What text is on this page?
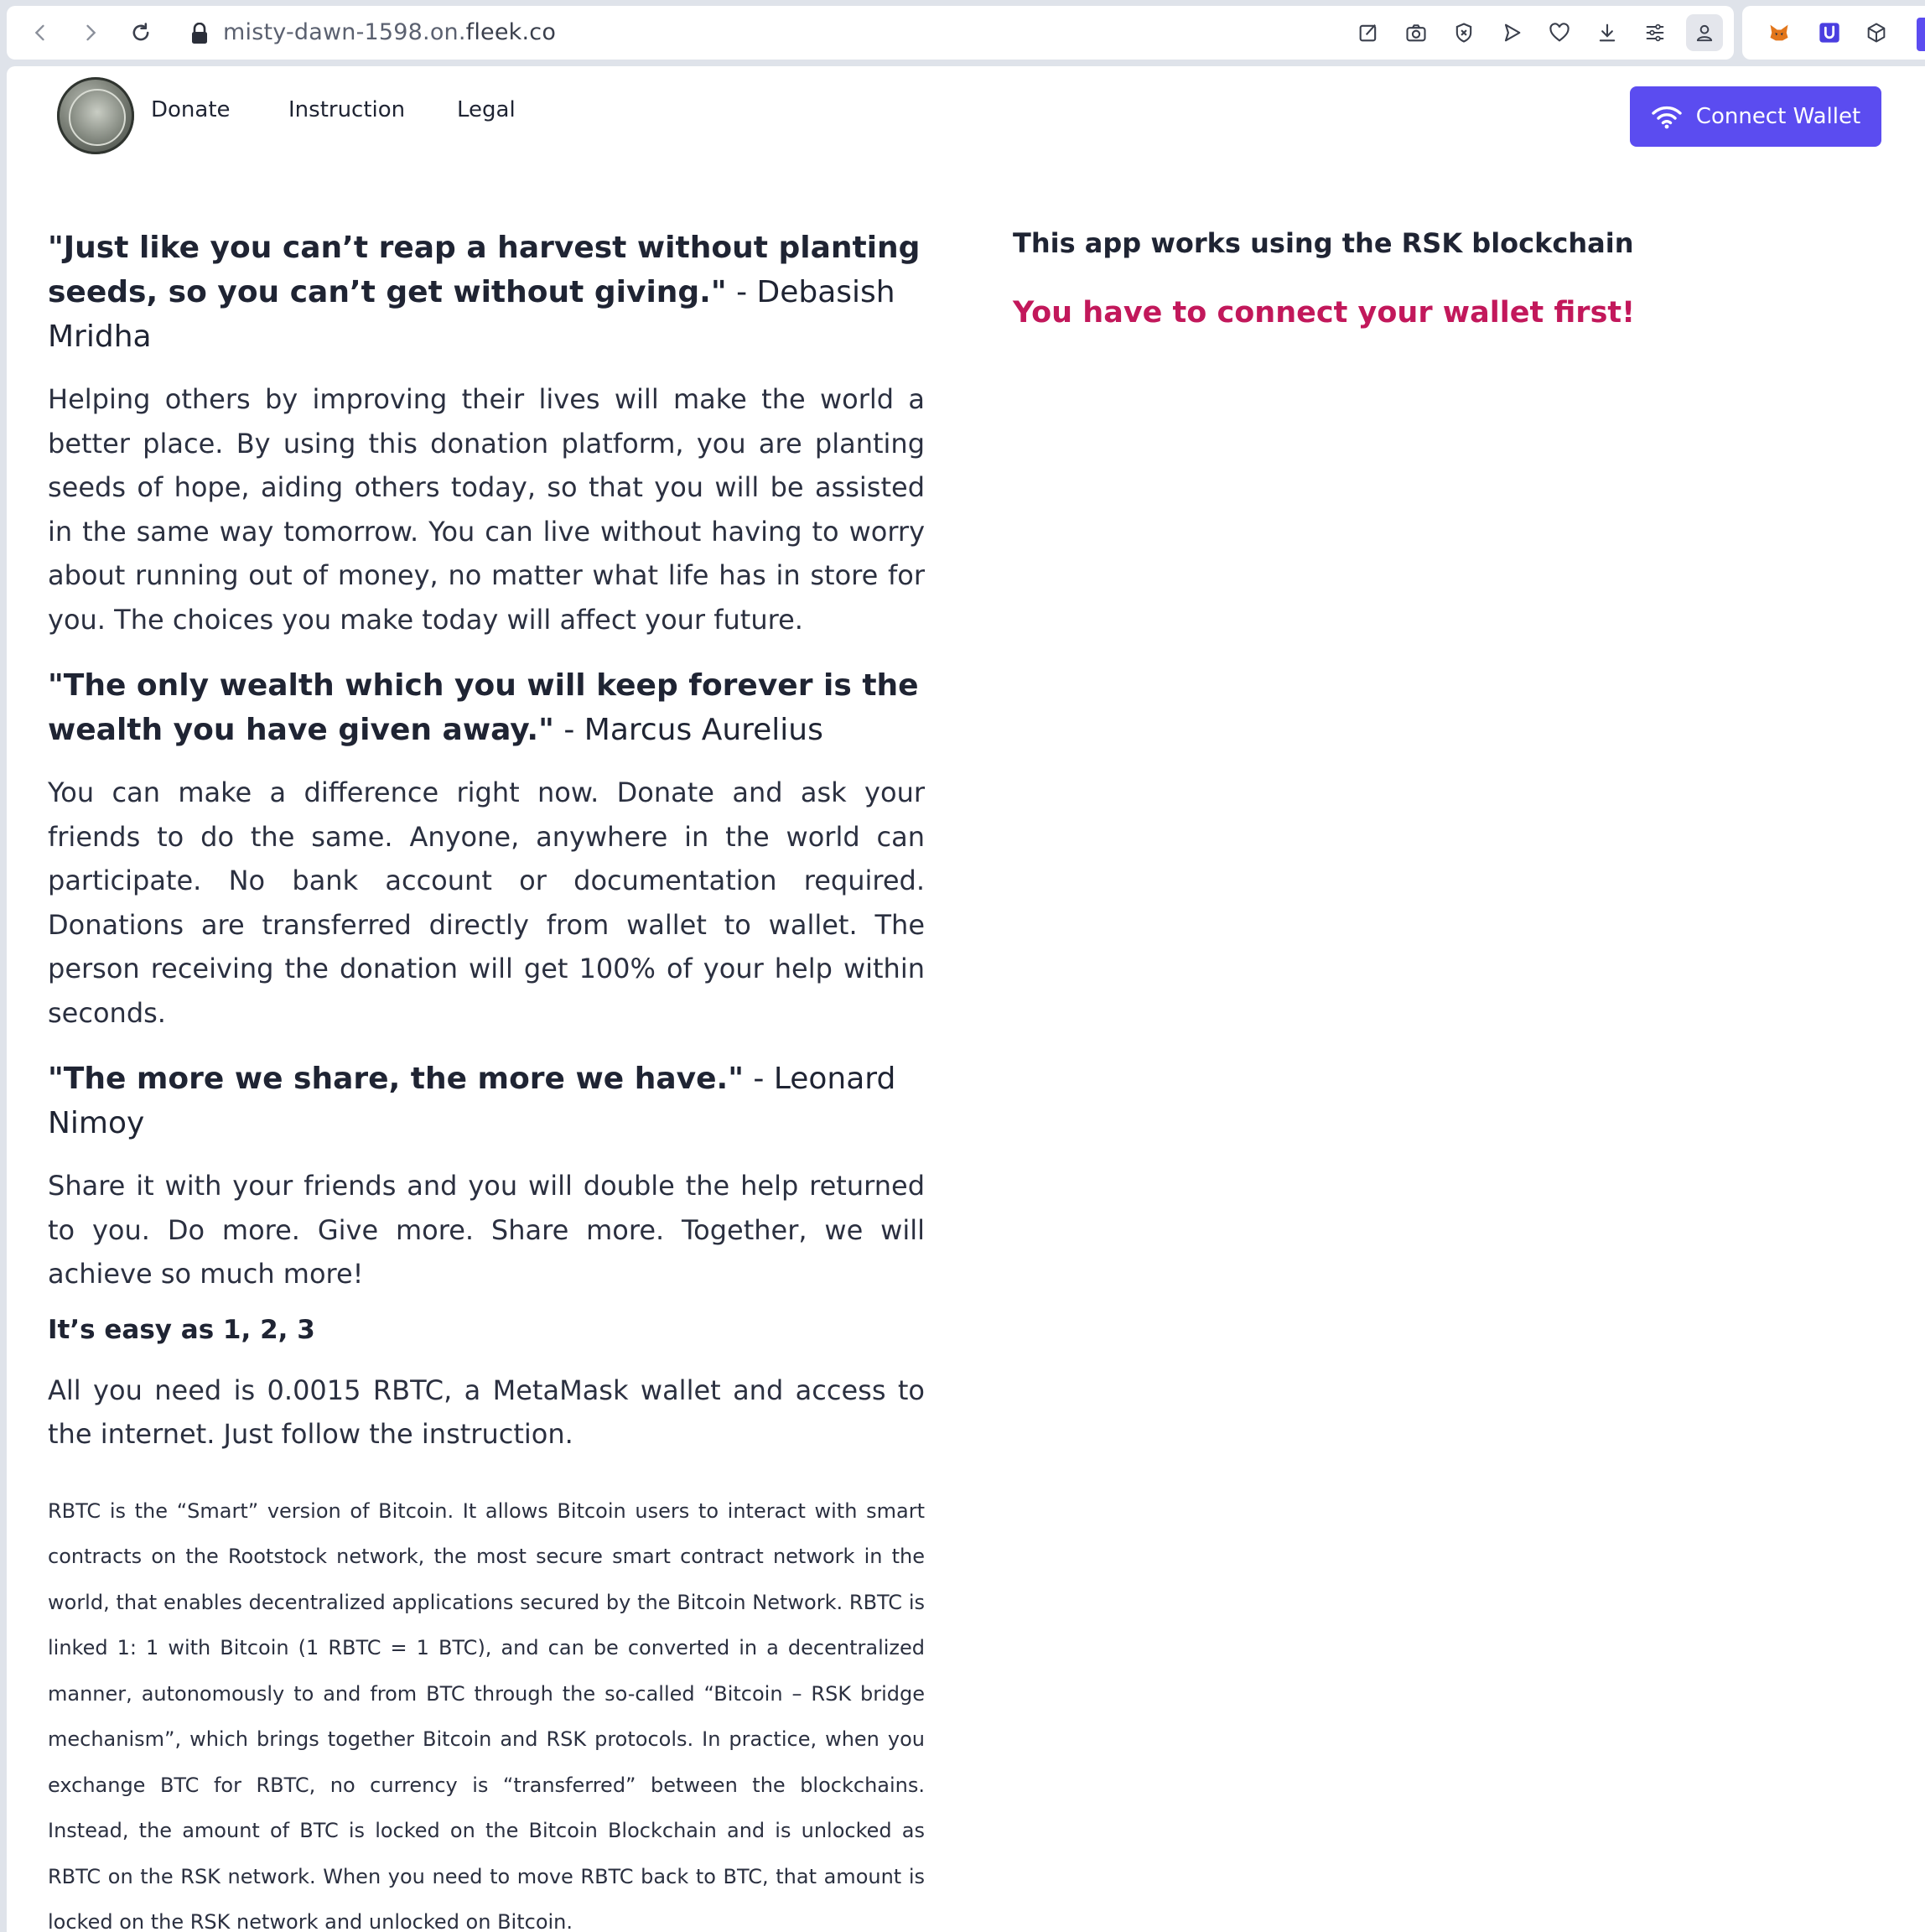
misty-dawn-1598.on.fleek.co
Donate	Instruction Legal	Connect Wallet

"Just like you can’t reap a harvest without planting seeds, so you can’t get without giving." - Debasish Mridha

Helping others by improving their lives will make the world a better place. By using this donation platform, you are planting seeds of hope, aiding others today, so that you will be assisted in the same way tomorrow. You can live without having to worry about running out of money, no matter what life has in store for you. The choices you make today will affect your future.

"The only wealth which you will keep forever is the wealth you have given away." - Marcus Aurelius

You can make a difference right now. Donate and ask your friends to do the same. Anyone, anywhere in the world can participate. No bank account or documentation required. Donations are transferred directly from wallet to wallet. The person receiving the donation will get 100% of your help within seconds.

"The more we share, the more we have." - Leonard Nimoy

Share it with your friends and you will double the help returned to you. Do more. Give more. Share more. Together, we will achieve so much more!

It’s easy as 1, 2, 3

All you need is 0.0015 RBTC, a MetaMask wallet and access to the internet. Just follow the instruction.

RBTC is the “Smart” version of Bitcoin. It allows Bitcoin users to interact with smart contracts on the Rootstock network, the most secure smart contract network in the world, that enables decentralized applications secured by the Bitcoin Network. RBTC is linked 1: 1 with Bitcoin (1 RBTC = 1 BTC), and can be converted in a decentralized manner, autonomously to and from BTC through the so-called “Bitcoin – RSK bridge mechanism”, which brings together Bitcoin and RSK protocols. In practice, when you exchange BTC for RBTC, no currency is “transferred” between the blockchains. Instead, the amount of BTC is locked on the Bitcoin Blockchain and is unlocked as RBTC on the RSK network. When you need to move RBTC back to BTC, that amount is locked on the RSK network and unlocked on Bitcoin.

This app works using the RSK blockchain

You have to connect your wallet first!
